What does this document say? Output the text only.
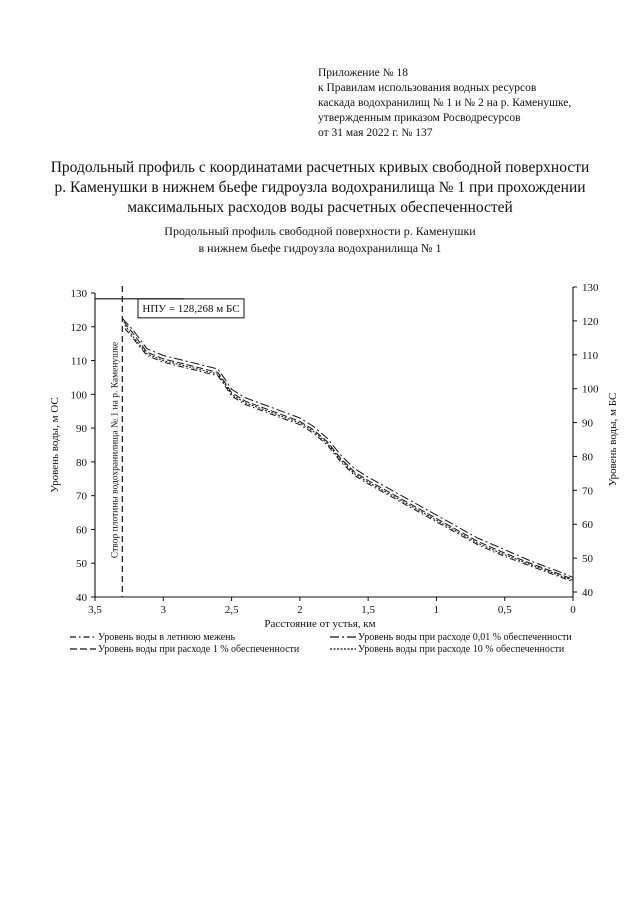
Приложение № 18
к Правилам использования водных ресурсов
каскада водохранилищ № 1 и № 2 на р. Каменушке,
утвержденным приказом Росводресурсов
от 31 мая 2022 г. № 137
Продольный профиль с координатами расчетных кривых свободной поверхности
р. Каменушки в нижнем бьефе гидроузла водохранилища № 1 при прохождении
максимальных расходов воды расчетных обеспеченностей
Продольный профиль свободной поверхности р. Каменушки
в нижнем бьефе гидроузла водохранилища № 1
40
50
60
70
80
90
100
110
120
130
40
50
60
70
80
90
100
110
120
130
3,5	3	2,5	2	1,5	1	0,5	0
Расстояние от устья, км
Уровень воды, м ОС	Уровень воды, м БС
НПУ = 128,268 м БС
Створ плотины водохранилища № 1 на р. Каменушке
Уровень воды в летнюю межень	Уровень воды при расходе 0,01 % обеспеченности
Уровень воды при расходе 1 % обеспеченности	Уровень воды при расходе 10 % обеспеченности
